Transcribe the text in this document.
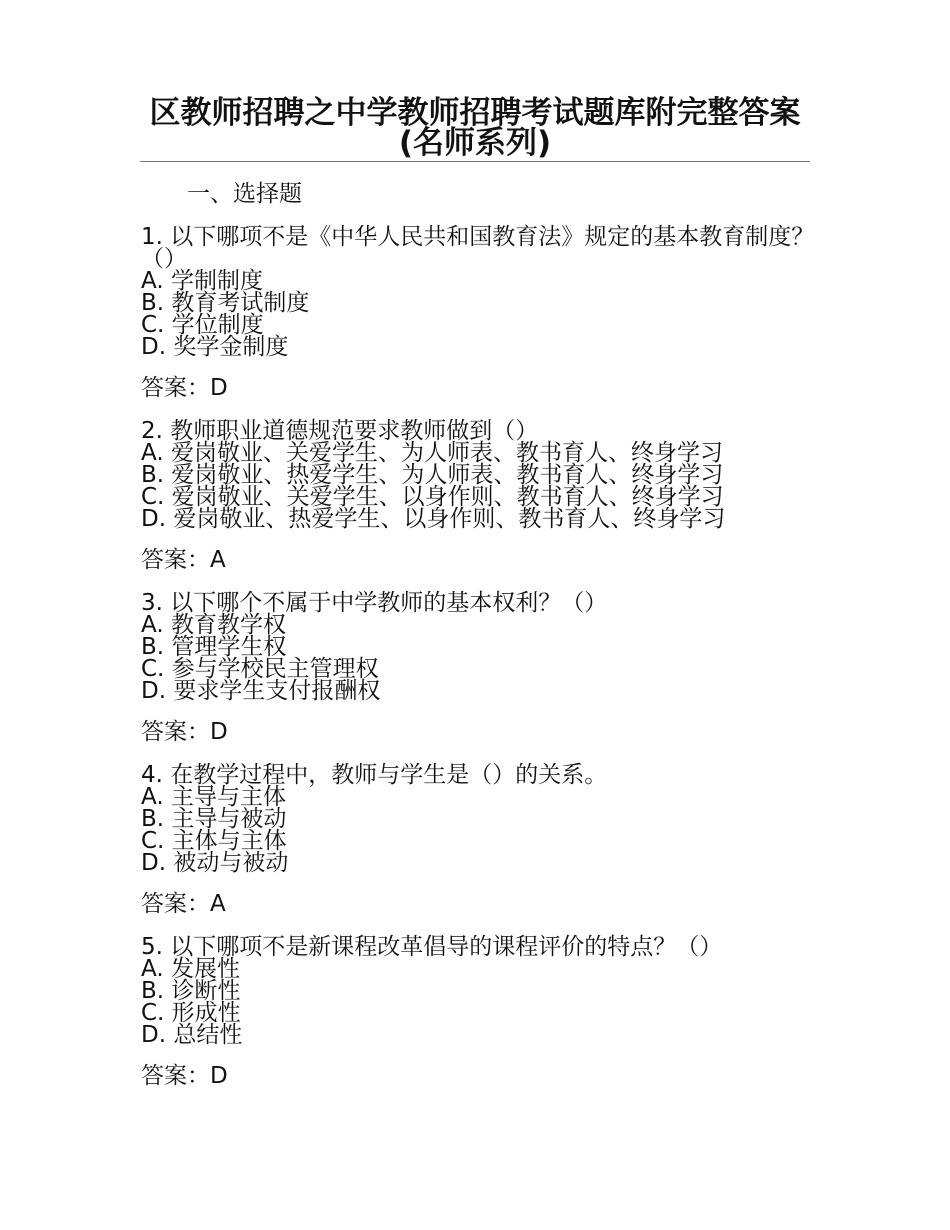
区教师招聘之中学教师招聘考试题库附完整答案(名师系列)
一、选择题
1. 以下哪项不是《中华人民共和国教育法》规定的基本教育制度？（）
A. 学制制度
B. 教育考试制度
C. 学位制度
D. 奖学金制度
答案：D
2. 教师职业道德规范要求教师做到（）
A. 爱岗敬业、关爱学生、为人师表、教书育人、终身学习
B. 爱岗敬业、热爱学生、为人师表、教书育人、终身学习
C. 爱岗敬业、关爱学生、以身作则、教书育人、终身学习
D. 爱岗敬业、热爱学生、以身作则、教书育人、终身学习
答案：A
3. 以下哪个不属于中学教师的基本权利？（）
A. 教育教学权
B. 管理学生权
C. 参与学校民主管理权
D. 要求学生支付报酬权
答案：D
4. 在教学过程中，教师与学生是（）的关系。
A. 主导与主体
B. 主导与被动
C. 主体与主体
D. 被动与被动
答案：A
5. 以下哪项不是新课程改革倡导的课程评价的特点？（）
A. 发展性
B. 诊断性
C. 形成性
D. 总结性
答案：D
